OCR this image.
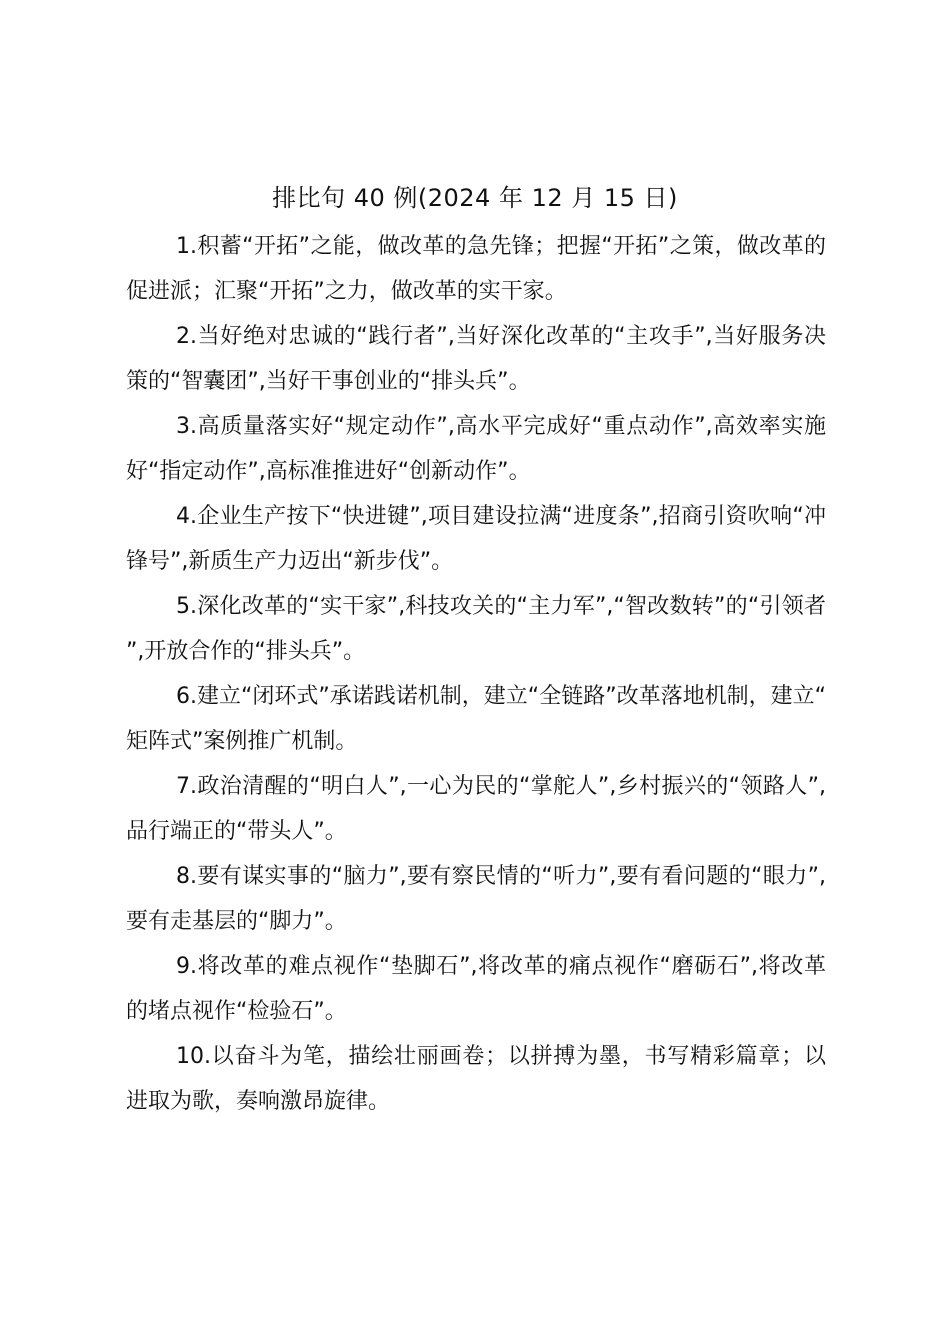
排比句 40 例(2024 年 12 月 15 日)

1.积蓄“开拓”之能，做改革的急先锋；把握“开拓”之策，做改革的促进派；汇聚“开拓”之力，做改革的实干家。

2.当好绝对忠诚的“践行者”,当好深化改革的“主攻手”,当好服务决策的“智囊团”,当好干事创业的“排头兵”。

3.高质量落实好“规定动作”,高水平完成好“重点动作”,高效率实施好“指定动作”,高标准推进好“创新动作”。

4.企业生产按下“快进键”,项目建设拉满“进度条”,招商引资吹响“冲锋号”,新质生产力迈出“新步伐”。

5.深化改革的“实干家”,科技攻关的“主力军”,“智改数转”的“引领者”,开放合作的“排头兵”。

6.建立“闭环式”承诺践诺机制，建立“全链路”改革落地机制，建立“矩阵式”案例推广机制。

7.政治清醒的“明白人”,一心为民的“掌舵人”,乡村振兴的“领路人”,品行端正的“带头人”。

8.要有谋实事的“脑力”,要有察民情的“听力”,要有看问题的“眼力”,要有走基层的“脚力”。

9.将改革的难点视作“垫脚石”,将改革的痛点视作“磨砺石”,将改革的堵点视作“检验石”。

10.以奋斗为笔，描绘壮丽画卷；以拼搏为墨，书写精彩篇章；以进取为歌，奏响激昂旋律。
